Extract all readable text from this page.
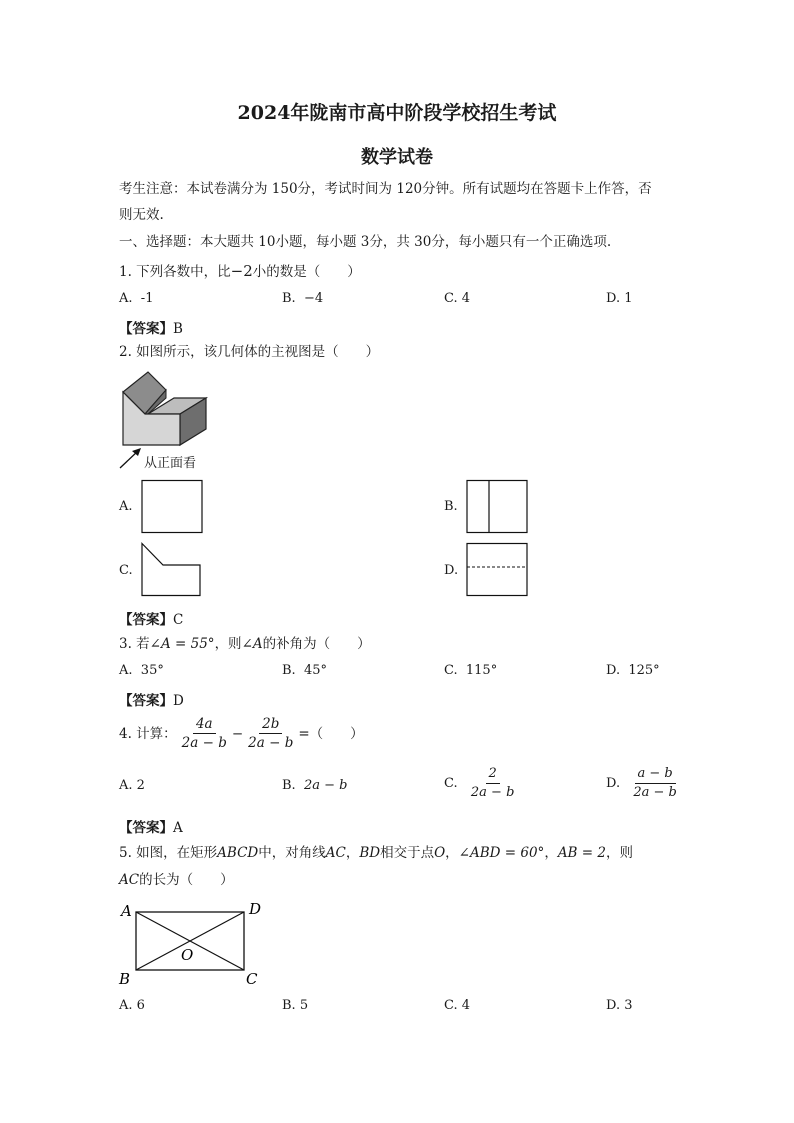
2024年陇南市高中阶段学校招生考试
数学试卷
考生注意：本试卷满分为 150分，考试时间为 120分钟。所有试题均在答题卡上作答，否
则无效.
一、选择题：本大题共 10小题，每小题 3分，共 30分，每小题只有一个正确选项.
1. 下列各数中，比−2小的数是（　　）
A. -1	B. −4	C. 4	D. 1
【答案】B
2. 如图所示，该几何体的主视图是（　　）
从正面看
A.	B.
C.	D.
【答案】C
3. 若∠A = 55°，则∠A的补角为（　　）
A. 35°	B. 45°	C. 115°	D. 125°
【答案】D
4. 计算： $\frac{4a}{2a - b} - \frac{2b}{2a - b}$ =（　　）
A. 2	B. 2a − b	C.
$\frac{2}{2a - b}$	D.
$\frac{a - b}{2a - b}$
【答案】A
5. 如图，在矩形ABCD中，对角线AC，BD相交于点O，∠ABD = 60°，AB = 2，则
AC的长为（　　）
A	D
B	C
O
A. 6	B. 5	C. 4	D. 3
